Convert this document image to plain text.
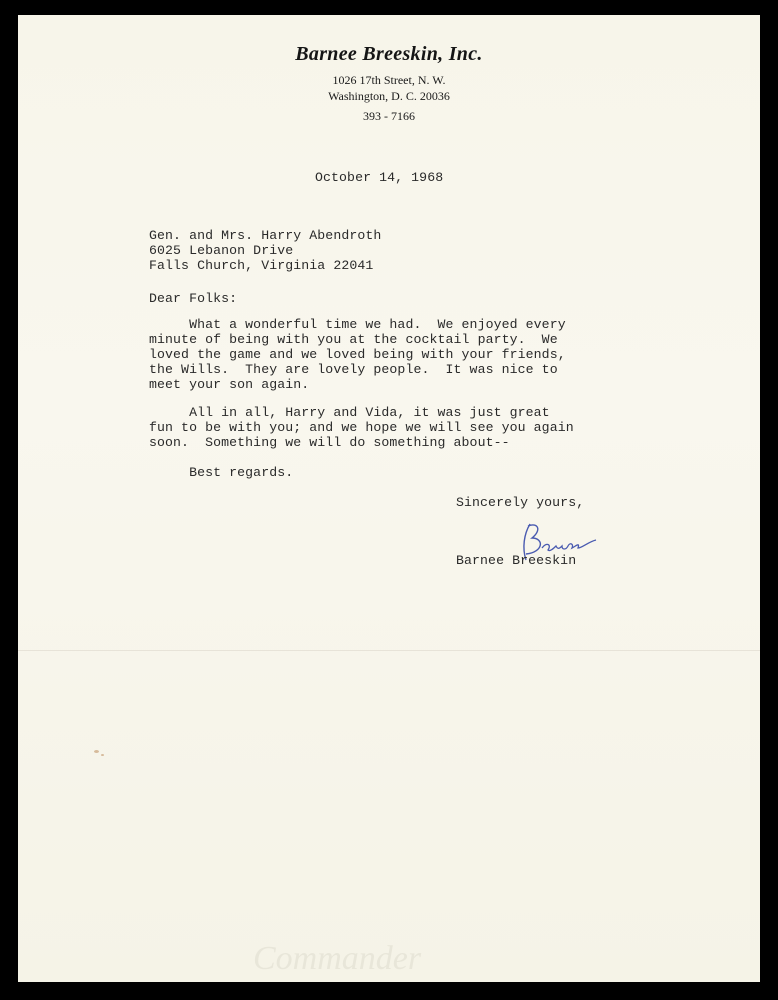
Barnee Breeskin, Inc.
1026 17th Street, N. W.
Washington, D. C. 20036
393 - 7166
October 14, 1968
Gen. and Mrs. Harry Abendroth
6025 Lebanon Drive
Falls Church, Virginia 22041
Dear Folks:
What a wonderful time we had.  We enjoyed every
minute of being with you at the cocktail party.  We
loved the game and we loved being with your friends,
the Wills.  They are lovely people.  It was nice to
meet your son again.
All in all, Harry and Vida, it was just great
fun to be with you; and we hope we will see you again
soon.  Something we will do something about--
Best regards.
Sincerely yours,
Barnee Breeskin
Commander
